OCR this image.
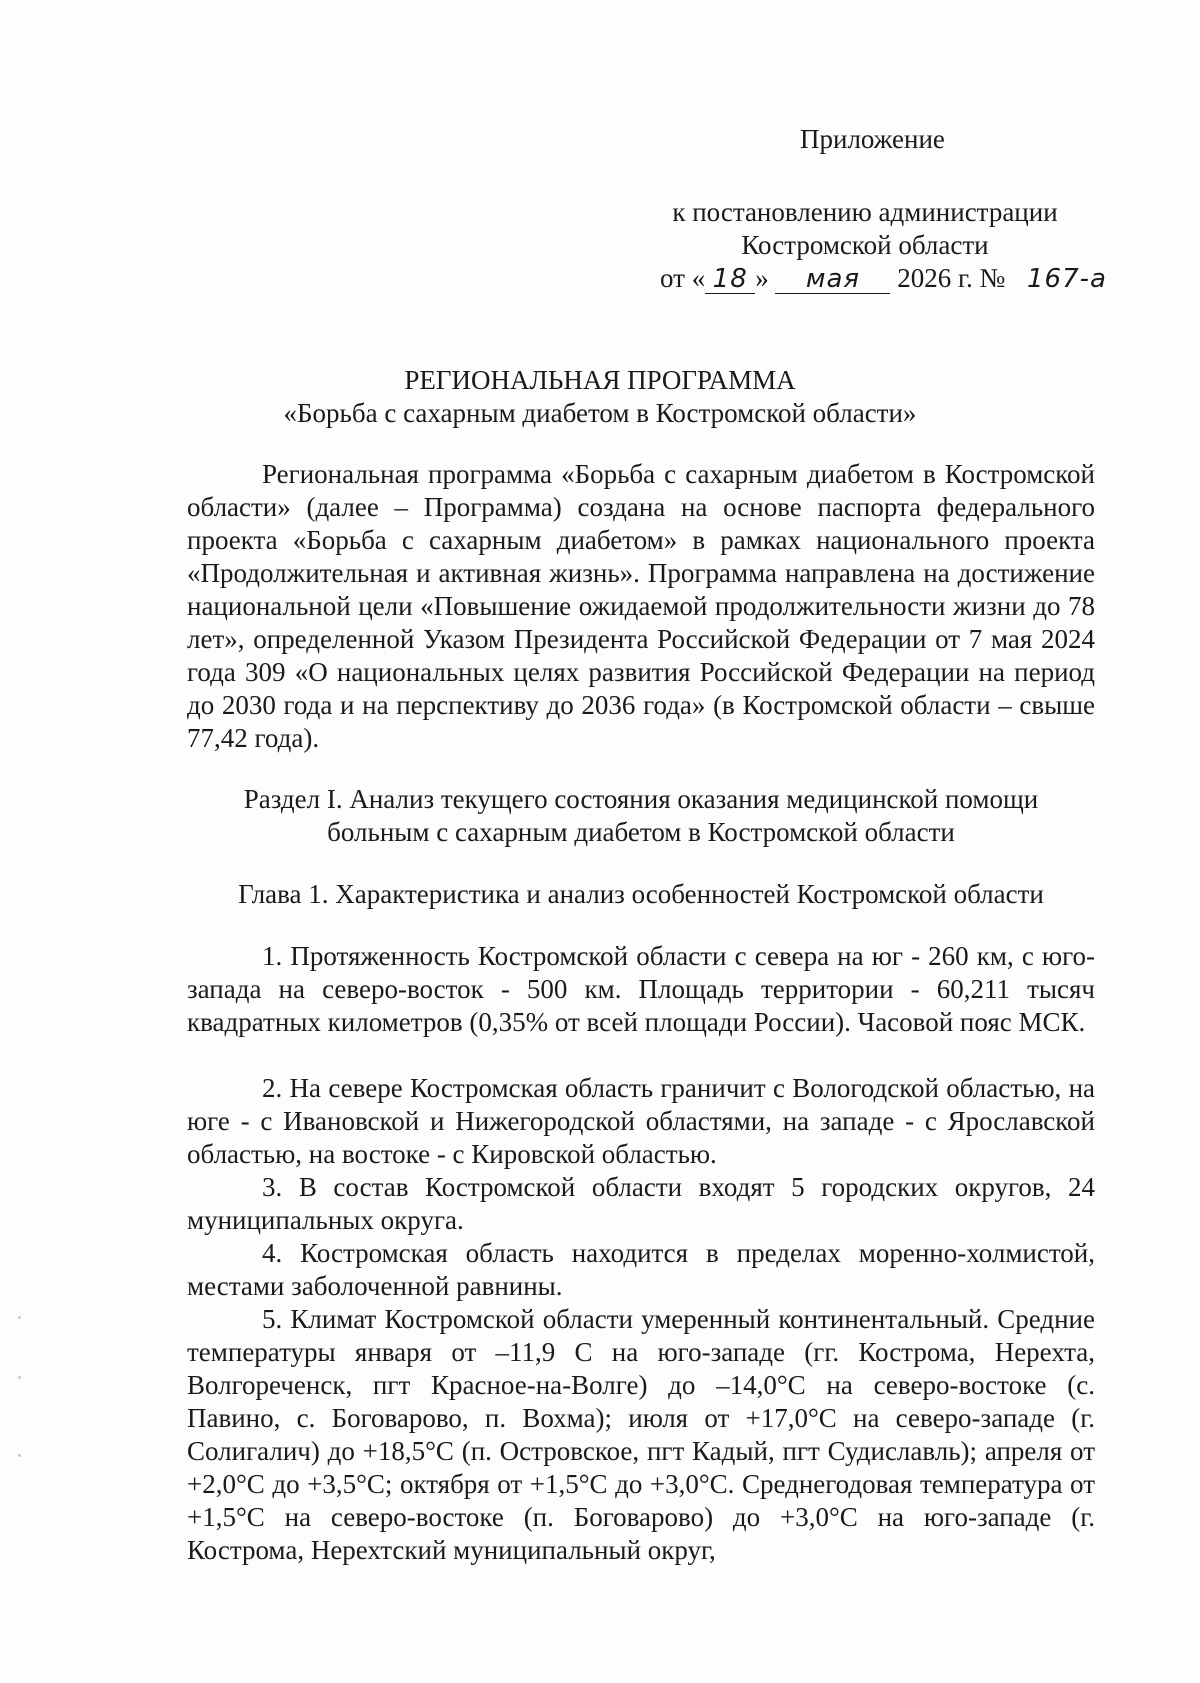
Приложение
к постановлению администрации
Костромской области
от « 18 » мая 2026 г. № 167-а
РЕГИОНАЛЬНАЯ ПРОГРАММА
«Борьба с сахарным диабетом в Костромской области»
Региональная программа «Борьба с сахарным диабетом в Костромской области» (далее – Программа) создана на основе паспорта федерального проекта «Борьба с сахарным диабетом» в рамках национального проекта «Продолжительная и активная жизнь». Программа направлена на достижение национальной цели «Повышение ожидаемой продолжительности жизни до 78 лет», определенной Указом Президента Российской Федерации от 7 мая 2024 года 309 «О национальных целях развития Российской Федерации на период до 2030 года и на перспективу до 2036 года» (в Костромской области – свыше 77,42 года).
Раздел I. Анализ текущего состояния оказания медицинской помощи
больным с сахарным диабетом в Костромской области
Глава 1. Характеристика и анализ особенностей Костромской области
1. Протяженность Костромской области с севера на юг - 260 км, с юго-запада на северо-восток - 500 км. Площадь территории - 60,211 тысяч квадратных километров (0,35% от всей площади России). Часовой пояс МСК.
2. На севере Костромская область граничит с Вологодской областью, на юге - с Ивановской и Нижегородской областями, на западе - с Ярославской областью, на востоке - с Кировской областью.
3. В состав Костромской области входят 5 городских округов, 24 муниципальных округа.
4. Костромская область находится в пределах моренно-холмистой, местами заболоченной равнины.
5. Климат Костромской области умеренный континентальный. Средние температуры января от –11,9 С на юго-западе (гг. Кострома, Нерехта, Волгореченск, пгт Красное-на-Волге) до –14,0°С на северо-востоке (с. Павино, с. Боговарово, п. Вохма); июля от +17,0°С на северо-западе (г. Солигалич) до +18,5°С (п. Островское, пгт Кадый, пгт Судиславль); апреля от +2,0°С до +3,5°С; октября от +1,5°С до +3,0°С. Среднегодовая температура от +1,5°С на северо-востоке (п. Боговарово) до +3,0°С на юго-западе (г. Кострома, Нерехтский муниципальный округ,
